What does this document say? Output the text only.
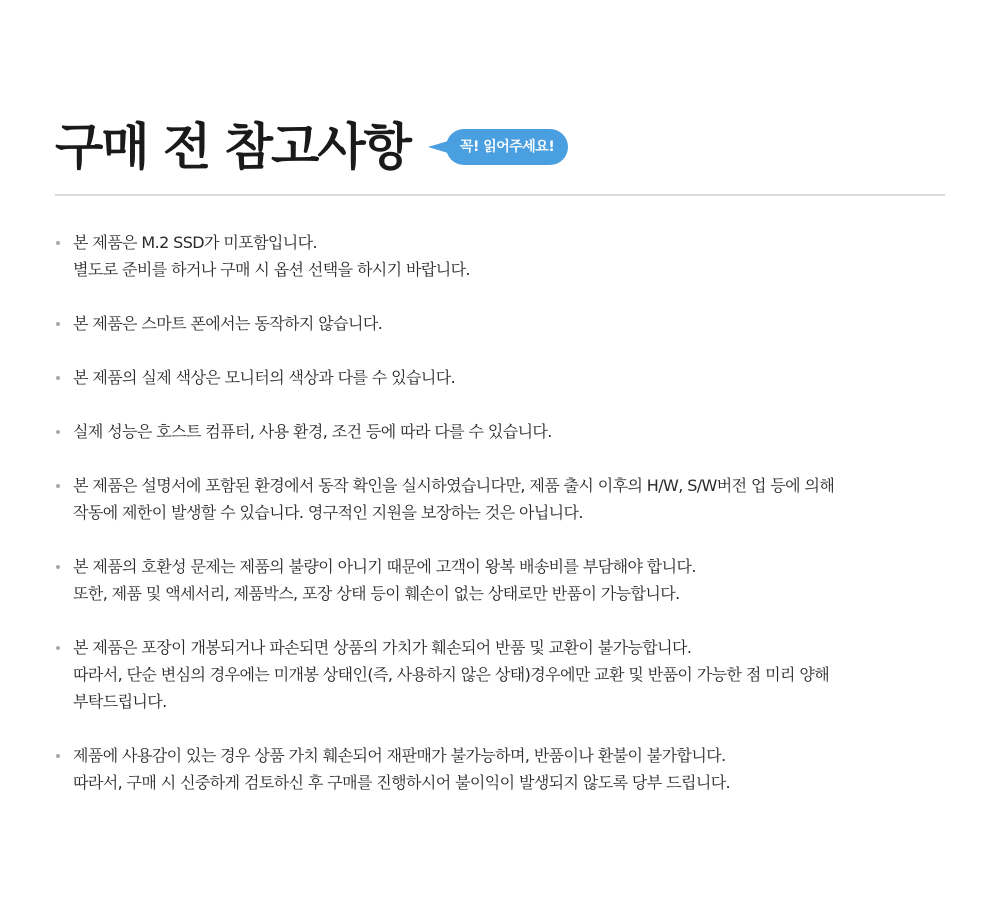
구매 전 참고사항	꼭! 읽어주세요!
본 제품은 M.2 SSD가 미포함입니다.
별도로 준비를 하거나 구매 시 옵션 선택을 하시기 바랍니다.
본 제품은 스마트 폰에서는 동작하지 않습니다.
본 제품의 실제 색상은 모니터의 색상과 다를 수 있습니다.
실제 성능은 호스트 컴퓨터, 사용 환경, 조건 등에 따라 다를 수 있습니다.
본 제품은 설명서에 포함된 환경에서 동작 확인을 실시하였습니다만, 제품 출시 이후의 H/W, S/W버전 업 등에 의해
작동에 제한이 발생할 수 있습니다. 영구적인 지원을 보장하는 것은 아닙니다.
본 제품의 호환성 문제는 제품의 불량이 아니기 때문에 고객이 왕복 배송비를 부담해야 합니다.
또한, 제품 및 액세서리, 제품박스, 포장 상태 등이 훼손이 없는 상태로만 반품이 가능합니다.
본 제품은 포장이 개봉되거나 파손되면 상품의 가치가 훼손되어 반품 및 교환이 불가능합니다.
따라서, 단순 변심의 경우에는 미개봉 상태인(즉, 사용하지 않은 상태)경우에만 교환 및 반품이 가능한 점 미리 양해
부탁드립니다.
제품에 사용감이 있는 경우 상품 가치 훼손되어 재판매가 불가능하며, 반품이나 환불이 불가합니다.
따라서, 구매 시 신중하게 검토하신 후 구매를 진행하시어 불이익이 발생되지 않도록 당부 드립니다.
